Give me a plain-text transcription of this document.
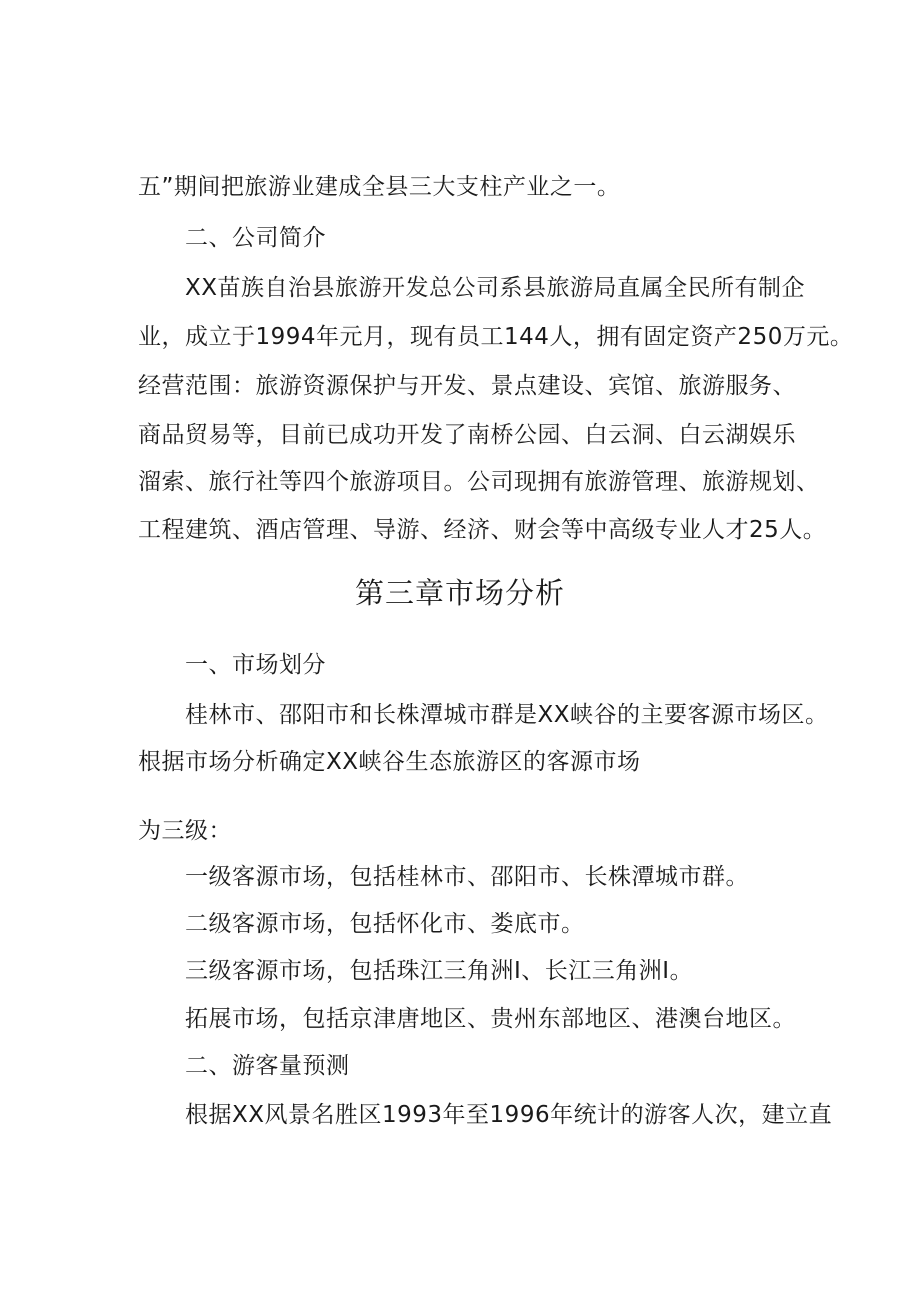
五”期间把旅游业建成全县三大支柱产业之一。
二、公司简介
XX苗族自治县旅游开发总公司系县旅游局直属全民所有制企
业，成立于1994年元月，现有员工144人，拥有固定资产250万元。
经营范围：旅游资源保护与开发、景点建设、宾馆、旅游服务、
商品贸易等，目前已成功开发了南桥公园、白云洞、白云湖娱乐
溜索、旅行社等四个旅游项目。公司现拥有旅游管理、旅游规划、
工程建筑、酒店管理、导游、经济、财会等中高级专业人才25人。
第三章市场分析
一、市场划分
桂林市、邵阳市和长株潭城市群是XX峡谷的主要客源市场区。
根据市场分析确定XX峡谷生态旅游区的客源市场
为三级：
一级客源市场，包括桂林市、邵阳市、长株潭城市群。
二级客源市场，包括怀化市、娄底市。
三级客源市场，包括珠江三角洲I、长江三角洲I。
拓展市场，包括京津唐地区、贵州东部地区、港澳台地区。
二、游客量预测
根据XX风景名胜区1993年至1996年统计的游客人次，建立直
